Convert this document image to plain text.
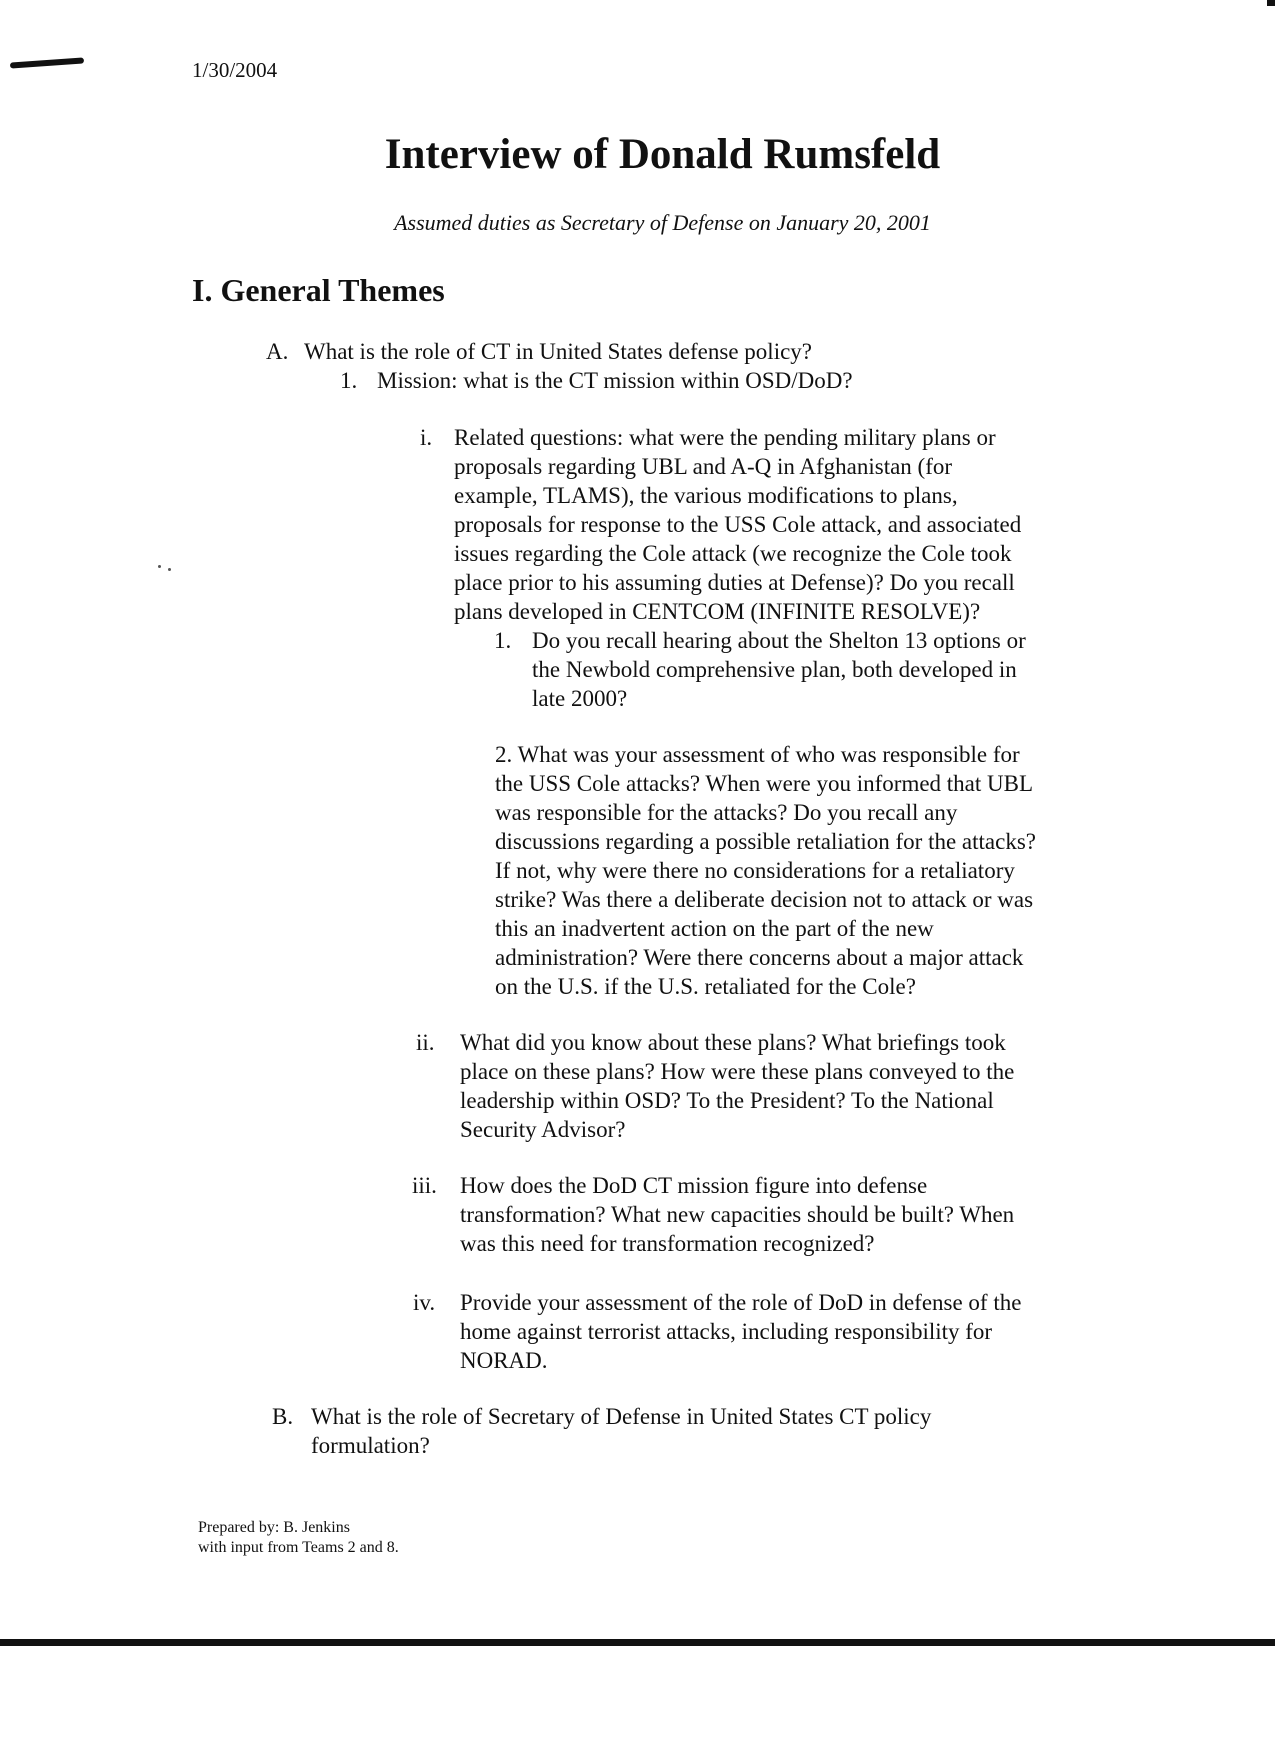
1/30/2004
Interview of Donald Rumsfeld
Assumed duties as Secretary of Defense on January 20, 2001
I. General Themes
A. What is the role of CT in United States defense policy?
1. Mission: what is the CT mission within OSD/DoD?
i. Related questions: what were the pending military plans or
proposals regarding UBL and A-Q in Afghanistan (for
example, TLAMS), the various modifications to plans,
proposals for response to the USS Cole attack, and associated
issues regarding the Cole attack (we recognize the Cole took
place prior to his assuming duties at Defense)? Do you recall
plans developed in CENTCOM (INFINITE RESOLVE)?
1. Do you recall hearing about the Shelton 13 options or
the Newbold comprehensive plan, both developed in
late 2000?
2. What was your assessment of who was responsible for
the USS Cole attacks? When were you informed that UBL
was responsible for the attacks? Do you recall any
discussions regarding a possible retaliation for the attacks?
If not, why were there no considerations for a retaliatory
strike? Was there a deliberate decision not to attack or was
this an inadvertent action on the part of the new
administration? Were there concerns about a major attack
on the U.S. if the U.S. retaliated for the Cole?
ii. What did you know about these plans? What briefings took
place on these plans? How were these plans conveyed to the
leadership within OSD? To the President? To the National
Security Advisor?
iii. How does the DoD CT mission figure into defense
transformation? What new capacities should be built? When
was this need for transformation recognized?
iv. Provide your assessment of the role of DoD in defense of the
home against terrorist attacks, including responsibility for
NORAD.
B. What is the role of Secretary of Defense in United States CT policy
formulation?
Prepared by: B. Jenkins
with input from Teams 2 and 8.
